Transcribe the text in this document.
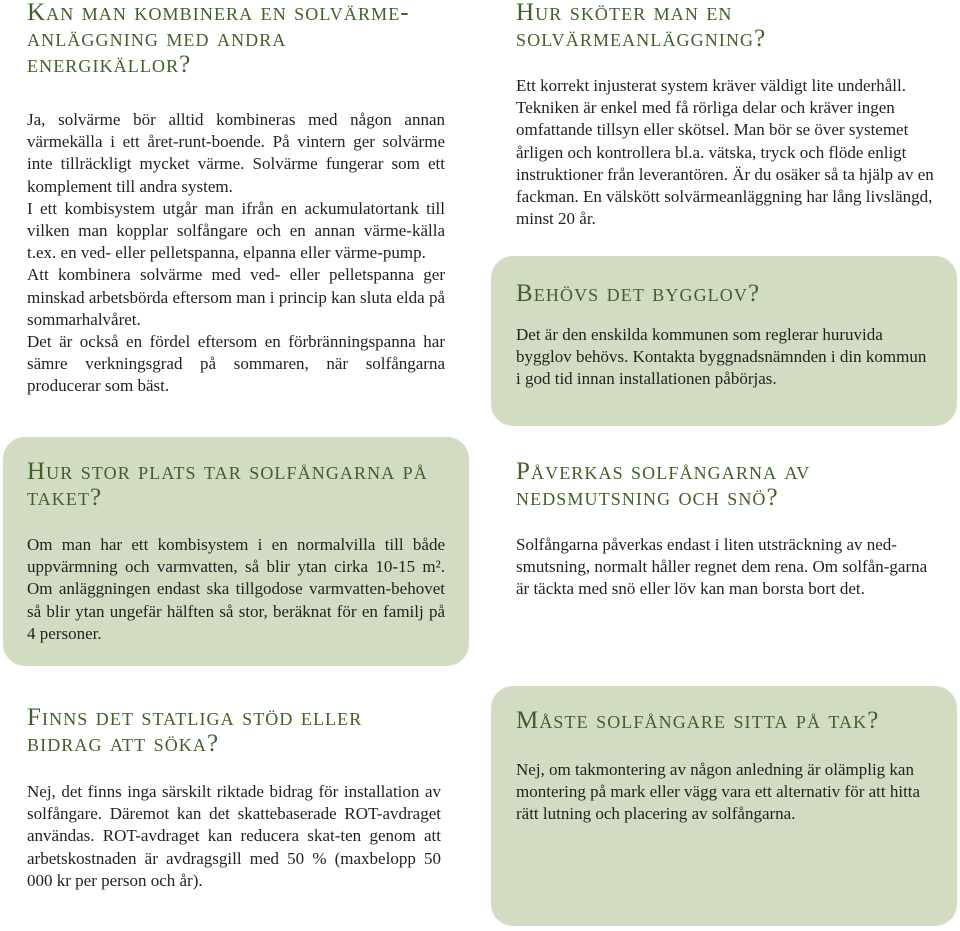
Kan man kombinera en solvärme-anläggning med andra energikällor?

Ja, solvärme bör alltid kombineras med någon annan värmekälla i ett året-runt-boende. På vintern ger solvärme inte tillräckligt mycket värme. Solvärme fungerar som ett komplement till andra system.

I ett kombisystem utgår man ifrån en ackumulatortank till vilken man kopplar solfångare och en annan värme-källa t.ex. en ved- eller pelletspanna, elpanna eller värme-pump.

Att kombinera solvärme med ved- eller pelletspanna ger minskad arbetsbörda eftersom man i princip kan sluta elda på sommarhalvåret.

Det är också en fördel eftersom en förbränningspanna har sämre verkningsgrad på sommaren, när solfångarna producerar som bäst.

Hur sköter man en solvärmeanläggning?

Ett korrekt injusterat system kräver väldigt lite underhåll. Tekniken är enkel med få rörliga delar och kräver ingen omfattande tillsyn eller skötsel. Man bör se över systemet årligen och kontrollera bl.a. vätska, tryck och flöde enligt instruktioner från leverantören. Är du osäker så ta hjälp av en fackman. En välskött solvärmeanläggning har lång livslängd, minst 20 år.

Behövs det bygglov?

Det är den enskilda kommunen som reglerar huruvida bygglov behövs. Kontakta byggnadsnämnden i din kommun i god tid innan installationen påbörjas.

Hur stor plats tar solfångarna på taket?

Om man har ett kombisystem i en normalvilla till både uppvärmning och varmvatten, så blir ytan cirka 10-15 m². Om anläggningen endast ska tillgodose varmvatten-behovet så blir ytan ungefär hälften så stor, beräknat för en familj på 4 personer.

Påverkas solfångarna av nedsmutsning och snö?

Solfångarna påverkas endast i liten utsträckning av ned-smutsning, normalt håller regnet dem rena. Om solfån-garna är täckta med snö eller löv kan man borsta bort det.

Finns det statliga stöd eller bidrag att söka?

Nej, det finns inga särskilt riktade bidrag för installation av solfångare. Däremot kan det skattebaserade ROT-avdraget användas. ROT-avdraget kan reducera skat-ten genom att arbetskostnaden är avdragsgill med 50 % (maxbelopp 50 000 kr per person och år).

Måste solfångare sitta på tak?

Nej, om takmontering av någon anledning är olämplig kan montering på mark eller vägg vara ett alternativ för att hitta rätt lutning och placering av solfångarna.
